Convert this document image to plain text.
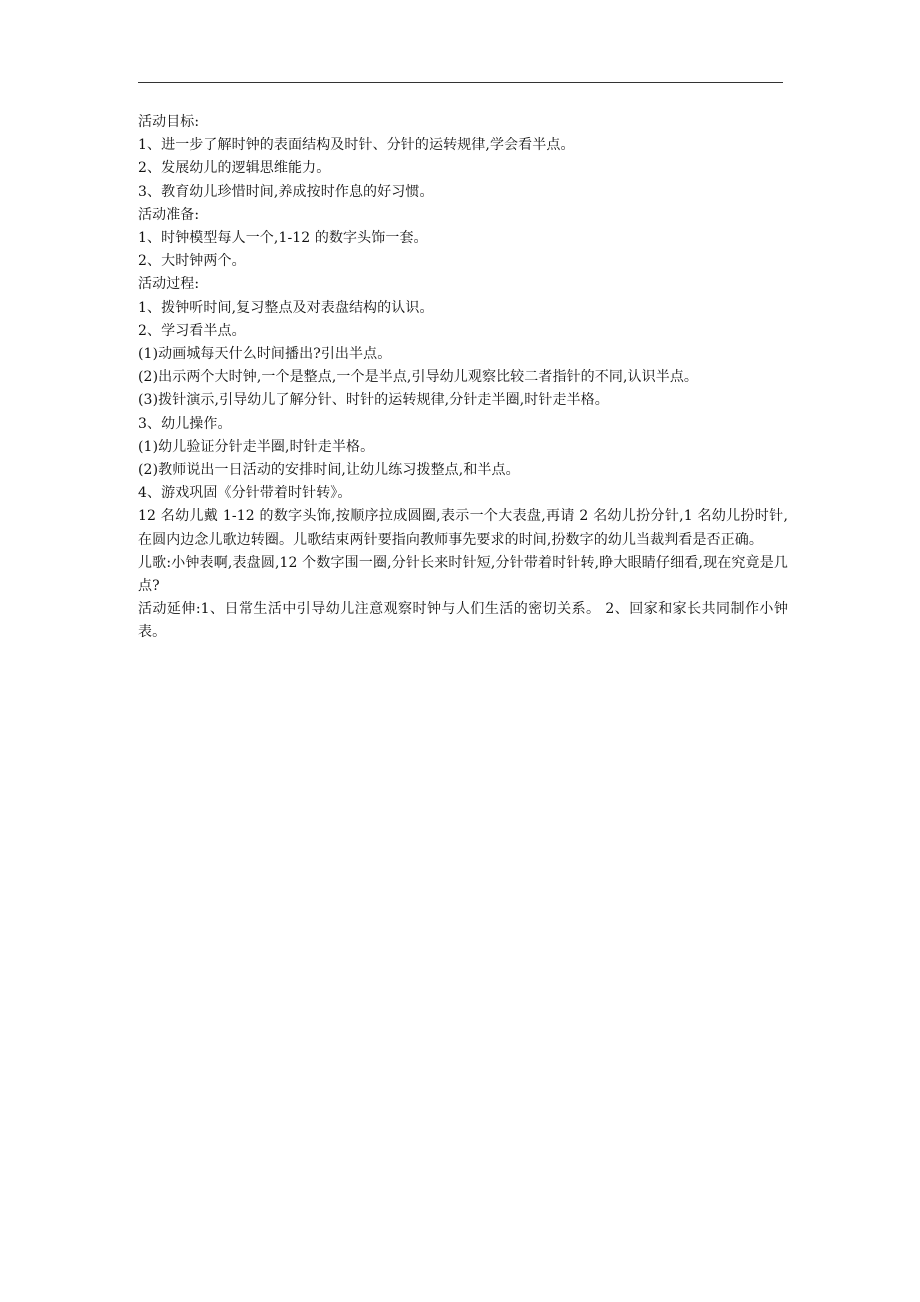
活动目标:
1、进一步了解时钟的表面结构及时针、分针的运转规律,学会看半点。
2、发展幼儿的逻辑思维能力。
3、教育幼儿珍惜时间,养成按时作息的好习惯。
活动准备:
1、时钟模型每人一个,1-12 的数字头饰一套。
2、大时钟两个。
活动过程:
1、拨钟听时间,复习整点及对表盘结构的认识。
2、学习看半点。
(1)动画城每天什么时间播出?引出半点。
(2)出示两个大时钟,一个是整点,一个是半点,引导幼儿观察比较二者指针的不同,认识半点。
(3)拨针演示,引导幼儿了解分针、时针的运转规律,分针走半圈,时针走半格。
3、幼儿操作。
(1)幼儿验证分针走半圈,时针走半格。
(2)教师说出一日活动的安排时间,让幼儿练习拨整点,和半点。
4、游戏巩固《分针带着时针转》。
12 名幼儿戴 1-12 的数字头饰,按顺序拉成圆圈,表示一个大表盘,再请 2 名幼儿扮分针,1 名幼儿扮时针,在圆内边念儿歌边转圈。儿歌结束两针要指向教师事先要求的时间,扮数字的幼儿当裁判看是否正确。
儿歌:小钟表啊,表盘圆,12 个数字围一圈,分针长来时针短,分针带着时针转,睁大眼睛仔细看,现在究竟是几点?
活动延伸:1、日常生活中引导幼儿注意观察时钟与人们生活的密切关系。 2、回家和家长共同制作小钟表。
